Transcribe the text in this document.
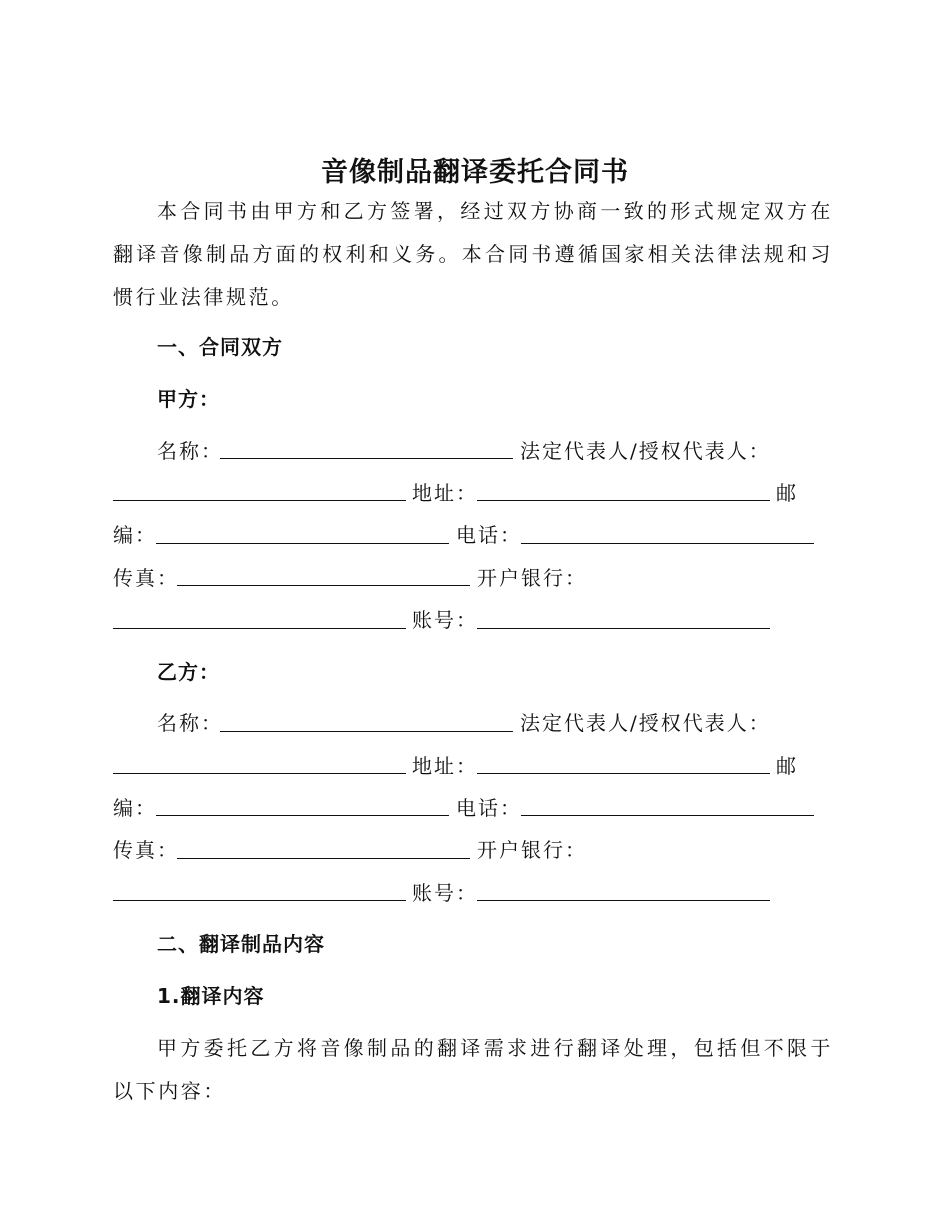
音像制品翻译委托合同书
本合同书由甲方和乙方签署，经过双方协商一致的形式规定双方在翻译音像制品方面的权利和义务。本合同书遵循国家相关法律法规和习惯行业法律规范。
一、合同双方
甲方：
名称：	法定代表人/授权代表人：
地址：	邮
编：	电话：
传真：	开户银行：
账号：
乙方：
名称：	法定代表人/授权代表人：
地址：	邮
编：	电话：
传真：	开户银行：
账号：
二、翻译制品内容
1.翻译内容
甲方委托乙方将音像制品的翻译需求进行翻译处理，包括但不限于以下内容：
